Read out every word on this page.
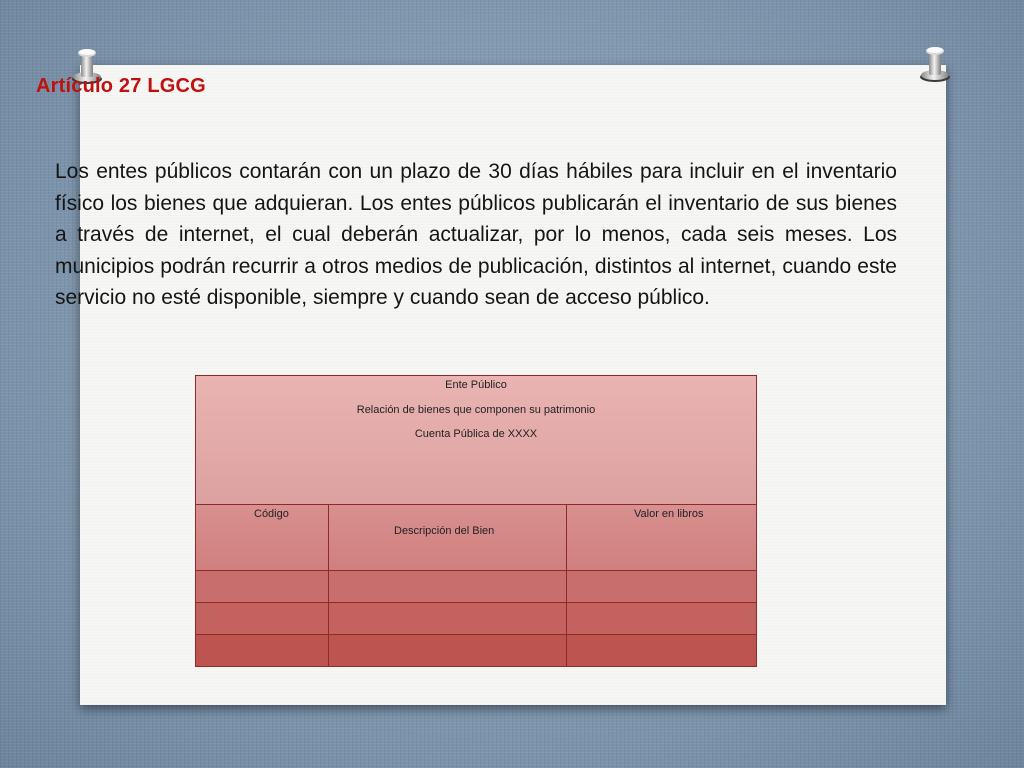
Artículo 27 LGCG

Los entes públicos contarán con un plazo de 30 días hábiles para incluir en el inventario físico los bienes que adquieran. Los entes públicos publicarán el inventario de sus bienes a través de internet, el cual deberán actualizar, por lo menos, cada seis meses. Los municipios podrán recurrir a otros medios de publicación, distintos al internet, cuando este servicio no esté disponible, siempre y cuando sean de acceso público.

Ente Público
Relación de bienes que componen su patrimonio
Cuenta Pública de XXXX
Código
Descripción del Bien
Valor en libros
